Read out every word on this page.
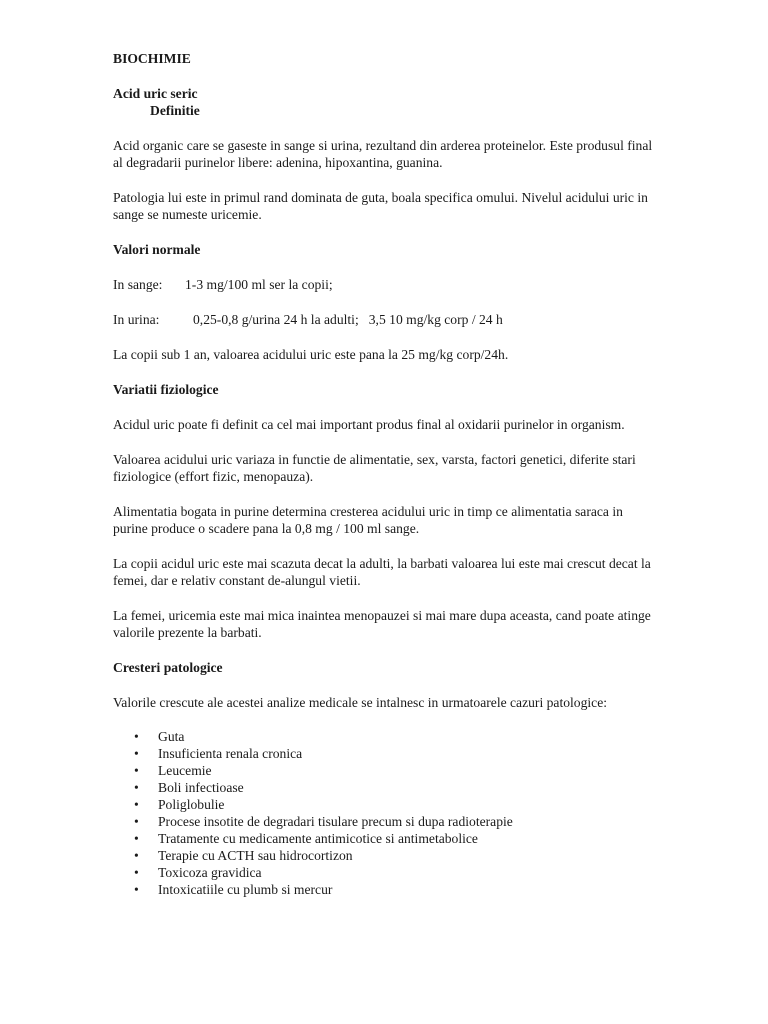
BIOCHIMIE

Acid uric seric

Definitie

Acid organic care se gaseste in sange si urina, rezultand din arderea proteinelor. Este produsul final al degradarii purinelor libere: adenina, hipoxantina, guanina.

Patologia lui este in primul rand dominata de guta, boala specifica omului. Nivelul acidului uric in sange se numeste uricemie.

Valori normale

In sange: 1-3 mg/100 ml ser la copii;

In urina: 0,25-0,8 g/urina 24 h la adulti; 3,5 10 mg/kg corp / 24 h

La copii sub 1 an, valoarea acidului uric este pana la 25 mg/kg corp/24h.

Variatii fiziologice

Acidul uric poate fi definit ca cel mai important produs final al oxidarii purinelor in organism.

Valoarea acidului uric variaza in functie de alimentatie, sex, varsta, factori genetici, diferite stari fiziologice (effort fizic, menopauza).

Alimentatia bogata in purine determina cresterea acidului uric in timp ce alimentatia saraca in purine produce o scadere pana la 0,8 mg / 100 ml sange.

La copii acidul uric este mai scazuta decat la adulti, la barbati valoarea lui este mai crescut decat la femei, dar e relativ constant de-alungul vietii.

La femei, uricemia este mai mica inaintea menopauzei si mai mare dupa aceasta, cand poate atinge valorile prezente la barbati.

Cresteri patologice

Valorile crescute ale acestei analize medicale se intalnesc in urmatoarele cazuri patologice:

• Guta
• Insuficienta renala cronica
• Leucemie
• Boli infectioase
• Poliglobulie
• Procese insotite de degradari tisulare precum si dupa radioterapie
• Tratamente cu medicamente antimicotice si antimetabolice
• Terapie cu ACTH sau hidrocortizon
• Toxicoza gravidica
• Intoxicatiile cu plumb si mercur
